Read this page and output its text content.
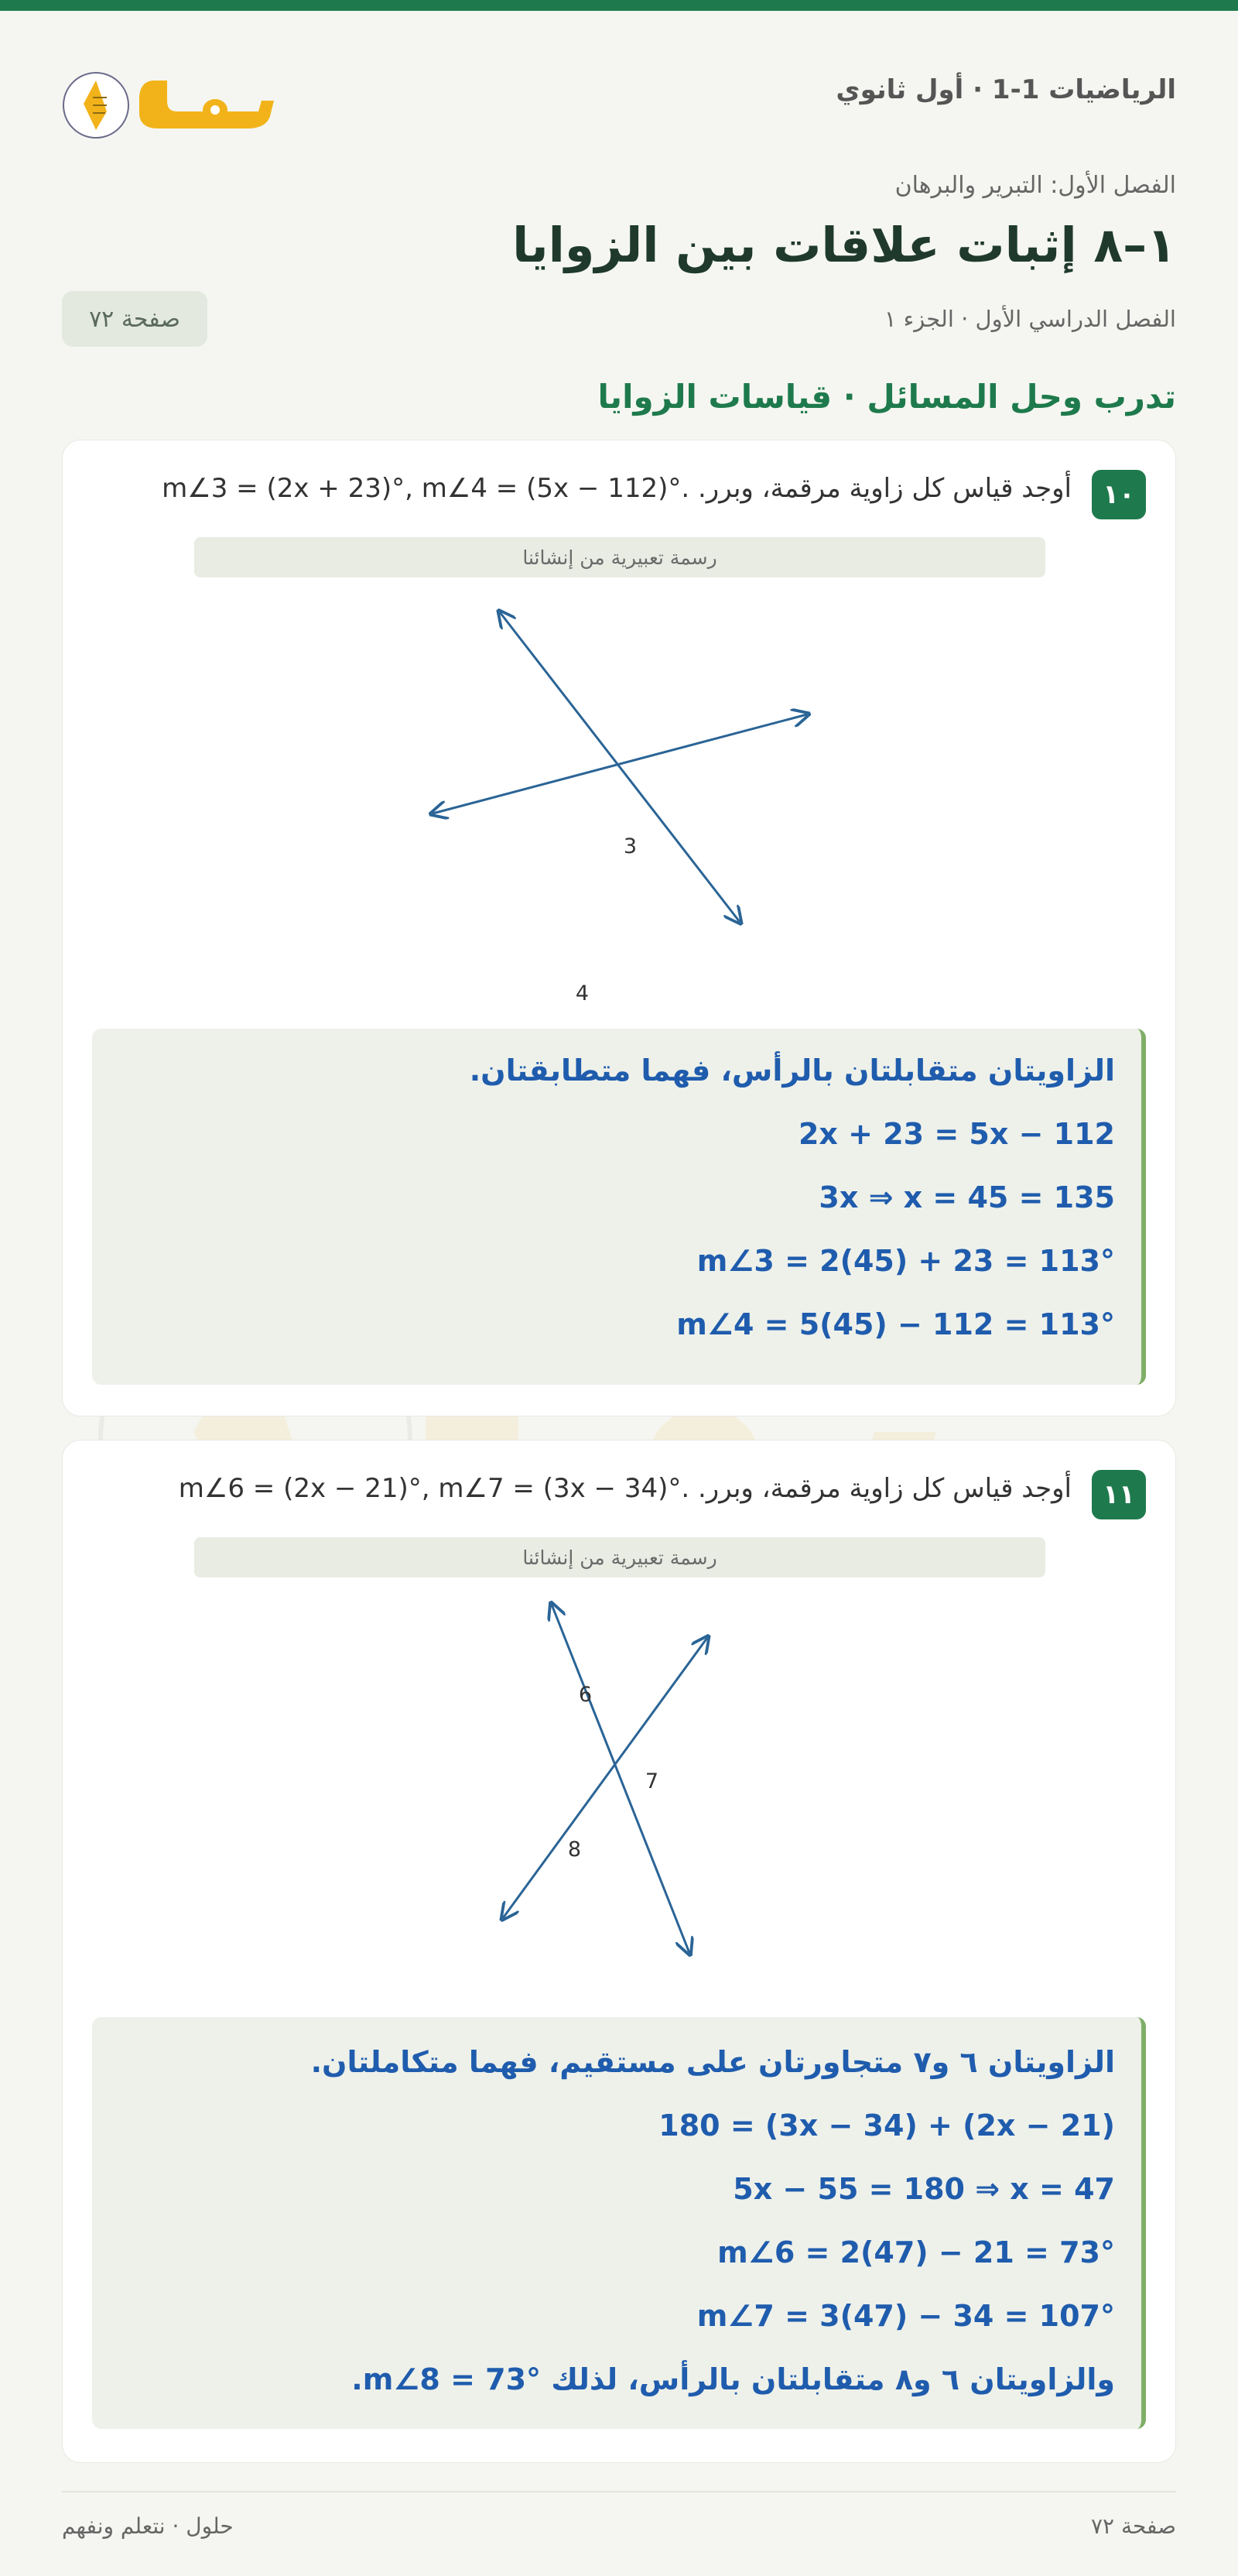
الرياضيات 1-1 · أول ثانوي
حلول
الفصل الأول: التبرير والبرهان
١–٨ إثبات علاقات بين الزوايا
الفصل الدراسي الأول · الجزء ١
صفحة ٧٢
تدرب وحل المسائل · قياسات الزوايا
١٠
أوجد قياس كل زاوية مرقمة، وبرر. m∠3 = (2x + 23)°, m∠4 = (5x − 112)°.
رسمة تعبيرية من إنشائنا
3
4
الزاويتان متقابلتان بالرأس، فهما متطابقتان.
2x + 23 = 5x − 112
135 = 3x ⇒ x = 45
m∠3 = 2(45) + 23 = 113°
m∠4 = 5(45) − 112 = 113°
١١
أوجد قياس كل زاوية مرقمة، وبرر. m∠6 = (2x − 21)°, m∠7 = (3x − 34)°.
رسمة تعبيرية من إنشائنا
6
7
8
الزاويتان ٦ و٧ متجاورتان على مستقيم، فهما متكاملتان.
(2x − 21) + (3x − 34) = 180
5x − 55 = 180 ⇒ x = 47
m∠6 = 2(47) − 21 = 73°
m∠7 = 3(47) − 34 = 107°
والزاويتان ٦ و٨ متقابلتان بالرأس، لذلك m∠8 = 73°.
صفحة ٧٢
حلول · نتعلم ونفهم
